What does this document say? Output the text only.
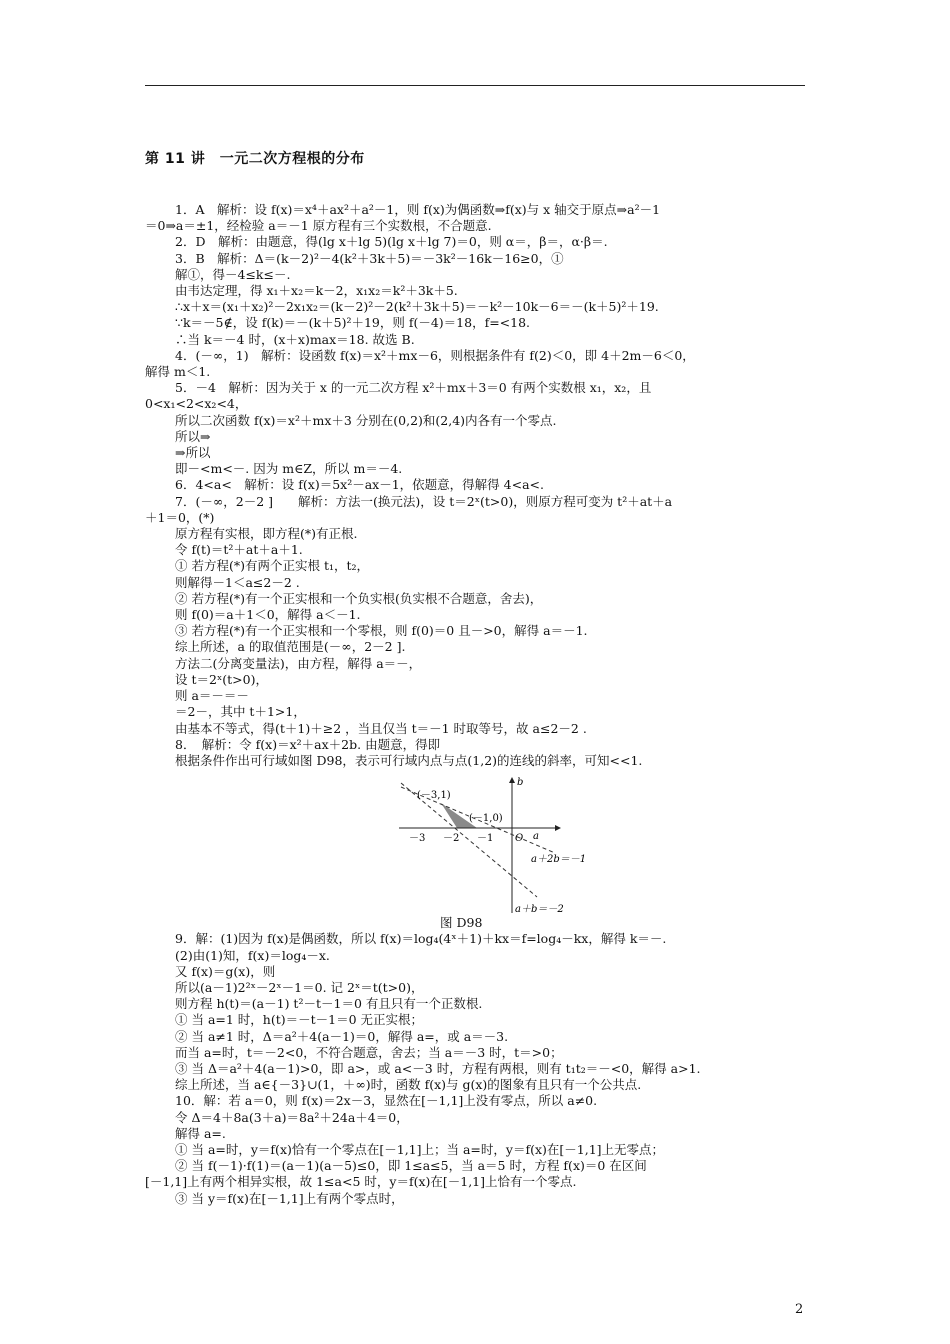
第 11 讲　一元二次方程根的分布

1．A　解析：设 f(x)＝x⁴＋ax²＋a²－1，则 f(x)为偶函数⇒f(x)与 x 轴交于原点⇒a²－1

＝0⇒a＝±1，经检验 a＝－1 原方程有三个实数根，不合题意.

2．D　解析：由题意，得(lg x＋lg 5)(lg x＋lg 7)＝0，则 α＝，β＝，α·β＝.

3．B　解析：Δ＝(k－2)²－4(k²＋3k＋5)＝－3k²－16k－16≥0，①

解①，得－4≤k≤－.

由韦达定理，得 x₁＋x₂＝k－2，x₁x₂＝k²＋3k＋5.

∴x＋x＝(x₁＋x₂)²－2x₁x₂＝(k－2)²－2(k²＋3k＋5)＝－k²－10k－6＝－(k＋5)²＋19.

∵k＝－5∉，设 f(k)＝－(k＋5)²＋19，则 f(－4)＝18，f=<18.

∴当 k＝－4 时，(x＋x)max＝18. 故选 B.

4．(－∞，1)　解析：设函数 f(x)＝x²＋mx－6，则根据条件有 f(2)＜0，即 4＋2m－6＜0，

解得 m＜1.

5．－4　解析：因为关于 x 的一元二次方程 x²＋mx＋3＝0 有两个实数根 x₁，x₂，且

0<x₁<2<x₂<4，

所以二次函数 f(x)＝x²＋mx＋3 分别在(0,2)和(2,4)内各有一个零点.

所以⇒

⇒所以

即－<m<－. 因为 m∈Z，所以 m＝－4.

6．4<a<　解析：设 f(x)＝5x²－ax－1，依题意，得解得 4<a<.

7．(－∞，2－2 ]　　解析：方法一(换元法)，设 t＝2ˣ(t>0)，则原方程可变为 t²＋at＋a

＋1＝0，(*)

原方程有实根，即方程(*)有正根.

令 f(t)＝t²＋at＋a＋1.

① 若方程(*)有两个正实根 t₁，t₂，

则解得－1＜a≤2－2 .

② 若方程(*)有一个正实根和一个负实根(负实根不合题意，舍去)，

则 f(0)＝a＋1＜0，解得 a＜－1.

③ 若方程(*)有一个正实根和一个零根，则 f(0)＝0 且－>0，解得 a＝－1.

综上所述，a 的取值范围是(－∞，2－2 ].

方法二(分离变量法)，由方程，解得 a＝－，

设 t＝2ˣ(t>0)，

则 a＝－＝－

＝2－，其中 t＋1>1，

由基本不等式，得(t＋1)＋≥2 ，当且仅当 t＝－1 时取等号，故 a≤2－2 .

8．　解析：令 f(x)＝x²＋ax＋2b. 由题意，得即

根据条件作出可行域如图 D98，表示可行域内点与点(1,2)的连线的斜率，可知<<1.

b
a
O
(－3,1)
(－1,0)
－3 －2 －1
a＋2b＝－1
a＋b＝－2

图 D98

9．解：(1)因为 f(x)是偶函数，所以 f(x)＝log₄(4ˣ＋1)＋kx＝f=log₄－kx，解得 k＝－.

(2)由(1)知，f(x)＝log₄－x.

又 f(x)＝g(x)，则

所以(a－1)2²ˣ－2ˣ－1＝0. 记 2ˣ＝t(t>0)，

则方程 h(t)＝(a－1) t²－t－1＝0 有且只有一个正数根.

① 当 a=1 时，h(t)＝－t－1＝0 无正实根；

② 当 a≠1 时，Δ＝a²＋4(a－1)＝0，解得 a=，或 a＝－3.

而当 a=时，t＝－2<0，不符合题意，舍去；当 a＝－3 时，t＝>0；

③ 当 Δ＝a²＋4(a－1)>0，即 a>，或 a<－3 时，方程有两根，则有 t₁t₂＝－<0，解得 a>1.

综上所述，当 a∈{－3}∪(1，＋∞)时，函数 f(x)与 g(x)的图象有且只有一个公共点.

10．解：若 a＝0，则 f(x)＝2x－3，显然在[－1,1]上没有零点，所以 a≠0.

令 Δ＝4＋8a(3＋a)＝8a²＋24a＋4＝0，

解得 a=.

① 当 a=时，y＝f(x)恰有一个零点在[－1,1]上；当 a=时，y＝f(x)在[－1,1]上无零点；

② 当 f(－1)·f(1)＝(a－1)(a－5)≤0，即 1≤a≤5，当 a＝5 时，方程 f(x)＝0 在区间

[－1,1]上有两个相异实根，故 1≤a<5 时，y＝f(x)在[－1,1]上恰有一个零点.

③ 当 y＝f(x)在[－1,1]上有两个零点时，

2
